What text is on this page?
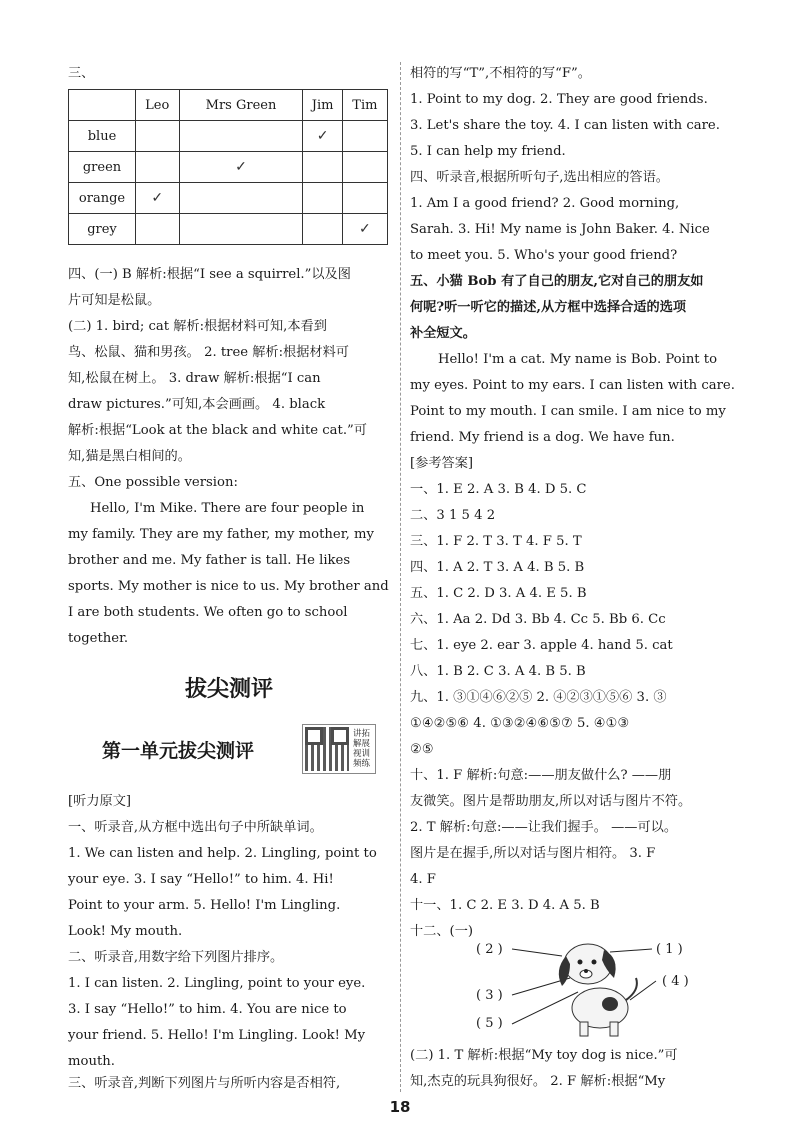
三、
	Leo	Mrs Green	Jim	Tim
blue			✓	
green		✓		
orange	✓			
grey				✓
四、(一) B 解析:根据“I see a squirrel.”以及图
片可知是松鼠。
(二) 1. bird; cat 解析:根据材料可知,本看到
鸟、松鼠、猫和男孩。 2. tree 解析:根据材料可
知,松鼠在树上。 3. draw 解析:根据“I can
draw pictures.”可知,本会画画。 4. black
解析:根据“Look at the black and white cat.”可
知,猫是黑白相间的。
五、One possible version:
Hello, I'm Mike. There are four people in
my family. They are my father, my mother, my
brother and me. My father is tall. He likes
sports. My mother is nice to us. My brother and
I are both students. We often go to school
together.
拔尖测评
第一单元拔尖测评
[听力原文]
一、听录音,从方框中选出句子中所缺单词。
1. We can listen and help. 2. Lingling, point to
your eye. 3. I say “Hello!” to him. 4. Hi!
Point to your arm. 5. Hello! I'm Lingling.
Look! My mouth.
二、听录音,用数字给下列图片排序。
1. I can listen. 2. Lingling, point to your eye.
3. I say “Hello!” to him. 4. You are nice to
your friend. 5. Hello! I'm Lingling. Look! My
mouth.
三、听录音,判断下列图片与所听内容是否相符,
讲拓解展视训频练
相符的写“T”,不相符的写“F”。
1. Point to my dog. 2. They are good friends.
3. Let's share the toy. 4. I can listen with care.
5. I can help my friend.
四、听录音,根据所听句子,选出相应的答语。
1. Am I a good friend? 2. Good morning,
Sarah. 3. Hi! My name is John Baker. 4. Nice
to meet you. 5. Who's your good friend?
五、小猫 Bob 有了自己的朋友,它对自己的朋友如
何呢?听一听它的描述,从方框中选择合适的选项
补全短文。
Hello! I'm a cat. My name is Bob. Point to
my eyes. Point to my ears. I can listen with care.
Point to my mouth. I can smile. I am nice to my
friend. My friend is a dog. We have fun.
[参考答案]
一、1. E 2. A 3. B 4. D 5. C
二、3 1 5 4 2
三、1. F 2. T 3. T 4. F 5. T
四、1. A 2. T 3. A 4. B 5. B
五、1. C 2. D 3. A 4. E 5. B
六、1. Aa 2. Dd 3. Bb 4. Cc 5. Bb 6. Cc
七、1. eye 2. ear 3. apple 4. hand 5. cat
八、1. B 2. C 3. A 4. B 5. B
九、1. ③①④⑥②⑤ 2. ④②③①⑤⑥ 3. ③
①④②⑤⑥ 4. ①③②④⑥⑤⑦ 5. ④①③
②⑤
十、1. F 解析:句意:——朋友做什么? ——朋
友微笑。图片是帮助朋友,所以对话与图片不符。
2. T 解析:句意:——让我们握手。 ——可以。
图片是在握手,所以对话与图片相符。 3. F
4. F
十一、1. C 2. E 3. D 4. A 5. B
十二、(一)
(二) 1. T 解析:根据“My toy dog is nice.”可
知,杰克的玩具狗很好。 2. F 解析:根据“My
( 2 )	( 1 )
( 4 )
( 3 )
( 5 )
18
